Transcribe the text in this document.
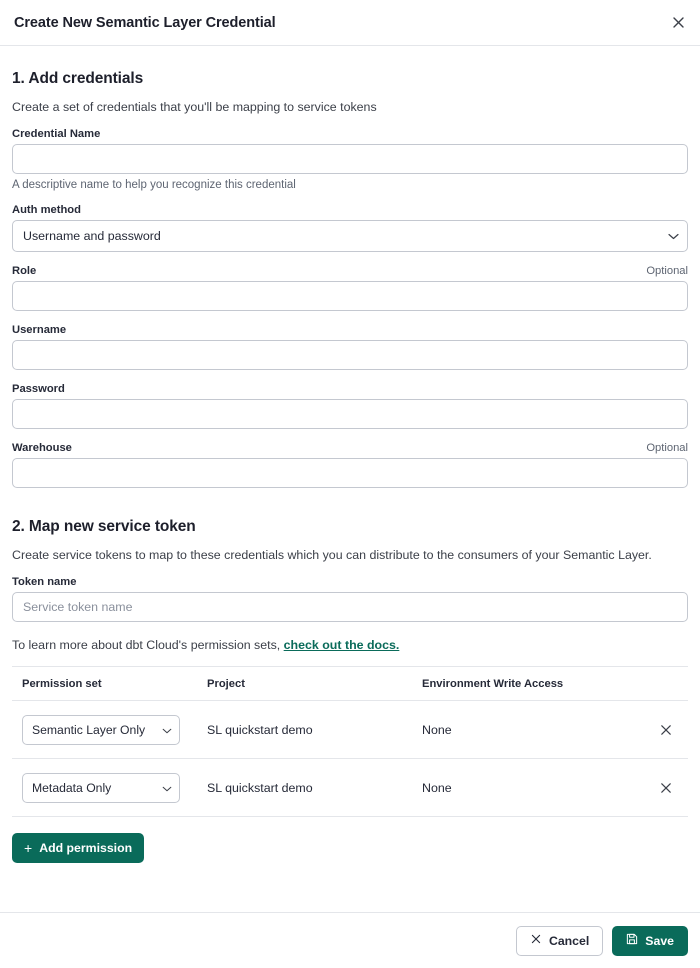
Create New Semantic Layer Credential
1. Add credentials

Create a set of credentials that you'll be mapping to service tokens

Credential Name
A descriptive name to help you recognize this credential
Auth method
Username and password
Role	Optional
Username
Password
Warehouse	Optional
2. Map new service token

Create service tokens to map to these credentials which you can distribute to the consumers of your Semantic Layer.

Token name
Service token name

To learn more about dbt Cloud's permission sets, check out the docs.

Permission set	Project	Environment Write Access
Semantic Layer Only	SL quickstart demo	None
Metadata Only	SL quickstart demo	None
+ Add permission
Cancel	Save
